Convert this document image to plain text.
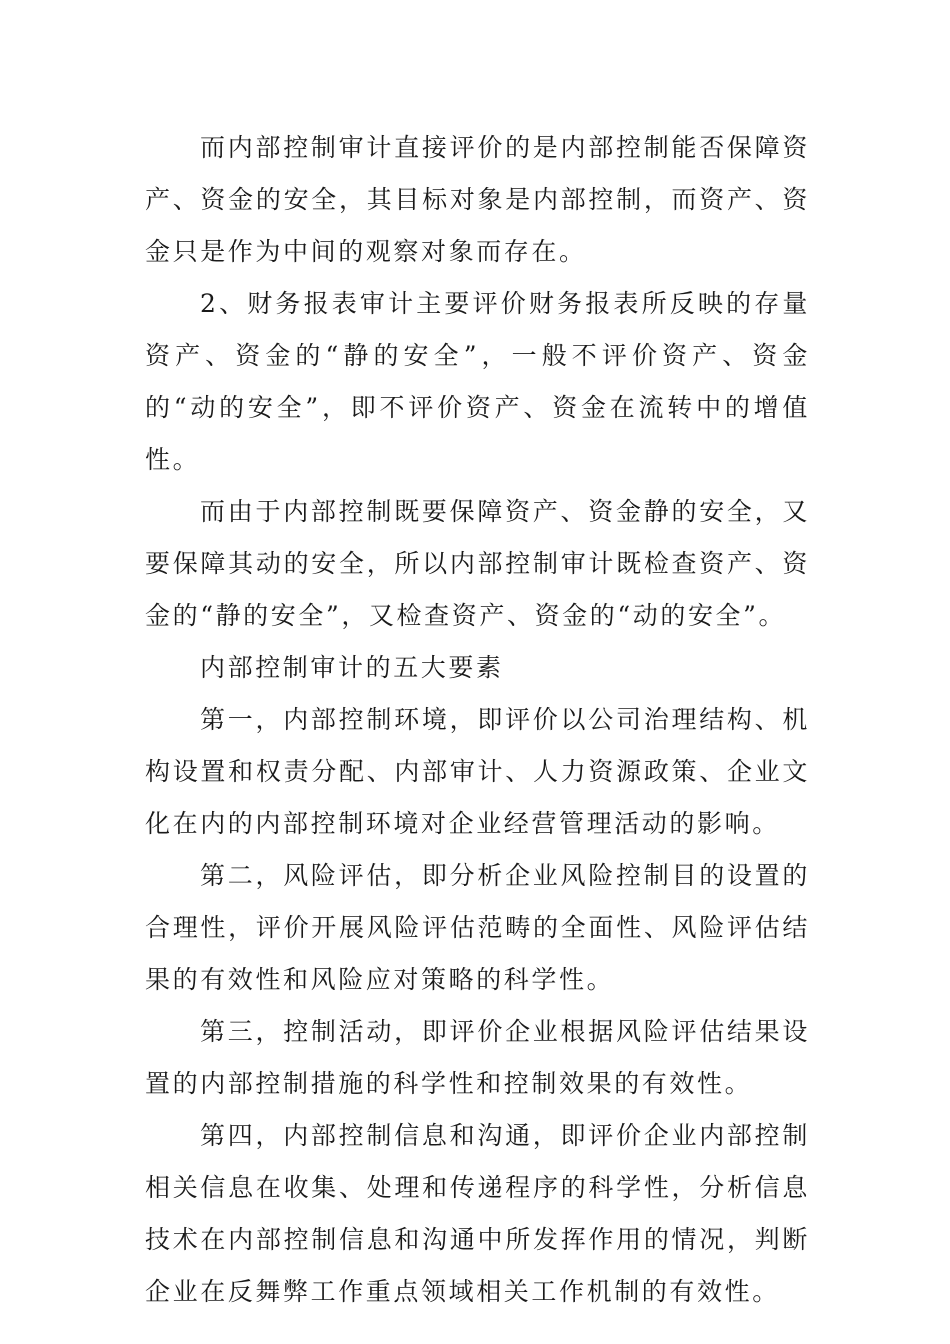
而内部控制审计直接评价的是内部控制能否保障资产、资金的安全，其目标对象是内部控制，而资产、资金只是作为中间的观察对象而存在。

2、财务报表审计主要评价财务报表所反映的存量资产、资金的“静的安全”，一般不评价资产、资金的“动的安全”，即不评价资产、资金在流转中的增值性。

而由于内部控制既要保障资产、资金静的安全，又要保障其动的安全，所以内部控制审计既检查资产、资金的“静的安全”，又检查资产、资金的“动的安全”。

内部控制审计的五大要素

第一，内部控制环境，即评价以公司治理结构、机构设置和权责分配、内部审计、人力资源政策、企业文化在内的内部控制环境对企业经营管理活动的影响。

第二，风险评估，即分析企业风险控制目的设置的合理性，评价开展风险评估范畴的全面性、风险评估结果的有效性和风险应对策略的科学性。

第三，控制活动，即评价企业根据风险评估结果设置的内部控制措施的科学性和控制效果的有效性。

第四，内部控制信息和沟通，即评价企业内部控制相关信息在收集、处理和传递程序的科学性，分析信息技术在内部控制信息和沟通中所发挥作用的情况，判断企业在反舞弊工作重点领域相关工作机制的有效性。
